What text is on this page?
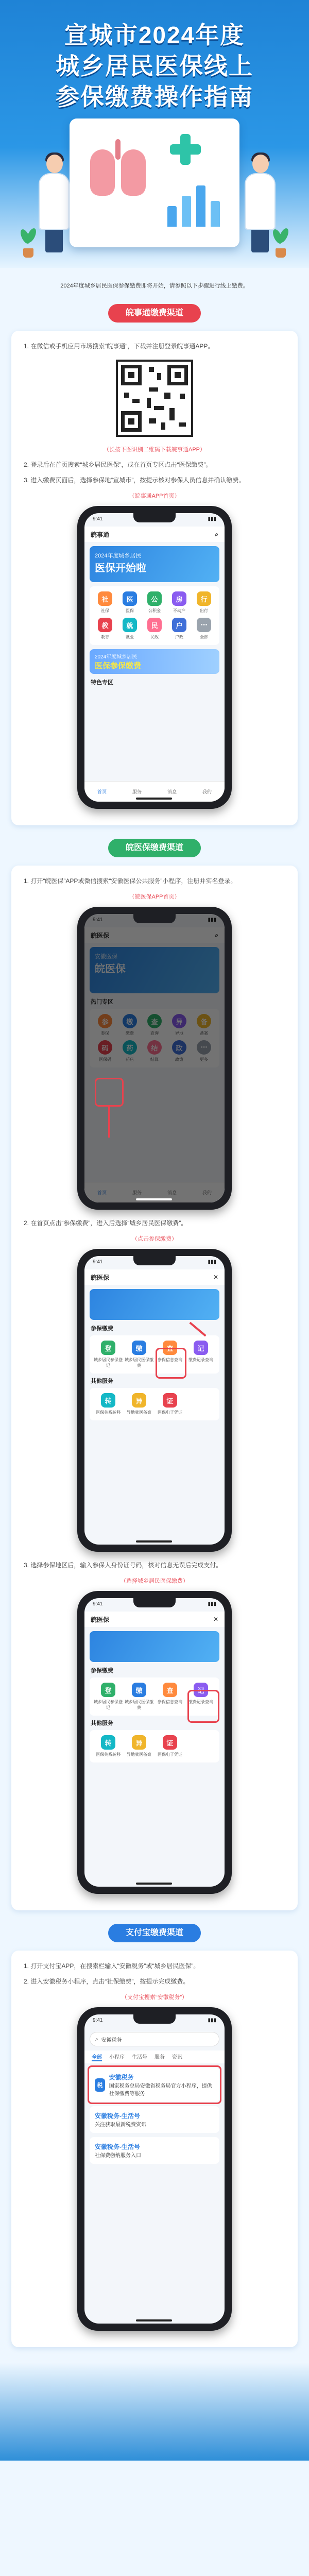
宣城市2024年度
城乡居民医保线上
参保缴费操作指南
2024年度城乡居民医保参保缴费即将开始，请参照以下步骤进行线上缴费。
皖事通缴费渠道
1. 在微信或手机应用市场搜索“皖事通”，下载并注册登录皖事通APP。
（长按下图识别二维码下载皖事通APP）
2. 登录后在首页搜索“城乡居民医保”，或在首页专区点击“医保缴费”。
3. 进入缴费页面后，选择参保地“宣城市”，按提示核对参保人员信息并确认缴费。
（皖事通APP首页）
9:41	▮▮▮
皖事通	⌕
2024年度城乡居民
医保开始啦
社
社保
医
医保
公
公积金
房
不动产
行
出行
教
教育
就
就业
民
民政
户
户政
⋯
全部
2024年度城乡居民
医保参保缴费
特色专区
首页	服务	消息	我的
皖医保缴费渠道
1. 打开“皖医保”APP或微信搜索“安徽医保公共服务”小程序，注册并实名登录。
（皖医保APP首页）
2. 在首页点击“参保缴费”，进入后选择“城乡居民医保缴费”。
（点击参保缴费）
9:41	▮▮▮
皖医保	✕
参保缴费
登
城乡居民参保登记
缴
城乡居民医保缴费
查
参保信息查询
记
缴费记录查询
其他服务
转
医保关系转移
异
异地就医备案
证
医保电子凭证
3. 选择参保地区后，输入参保人身份证号码，核对信息无误后完成支付。
（选择城乡居民医保缴费）
9:41	▮▮▮
皖医保	✕
参保缴费
登
城乡居民参保登记
缴
城乡居民医保缴费
查
参保信息查询
记
缴费记录查询
其他服务
转
医保关系转移
异
异地就医备案
证
医保电子凭证
支付宝缴费渠道
1. 打开支付宝APP，在搜索栏输入“安徽税务”或“城乡居民医保”。
2. 进入安徽税务小程序，点击“社保缴费”，按提示完成缴费。
（支付宝搜索“安徽税务”）
9:41	▮▮▮
⌕ 安徽税务
全部 小程序 生活号 服务 资讯
税
安徽税务
国家税务总局安徽省税务局官方小程序，提供社保缴费等服务
安徽税务-生活号
关注获取最新税费资讯
安徽税务-生活号
社保费缴纳服务入口
